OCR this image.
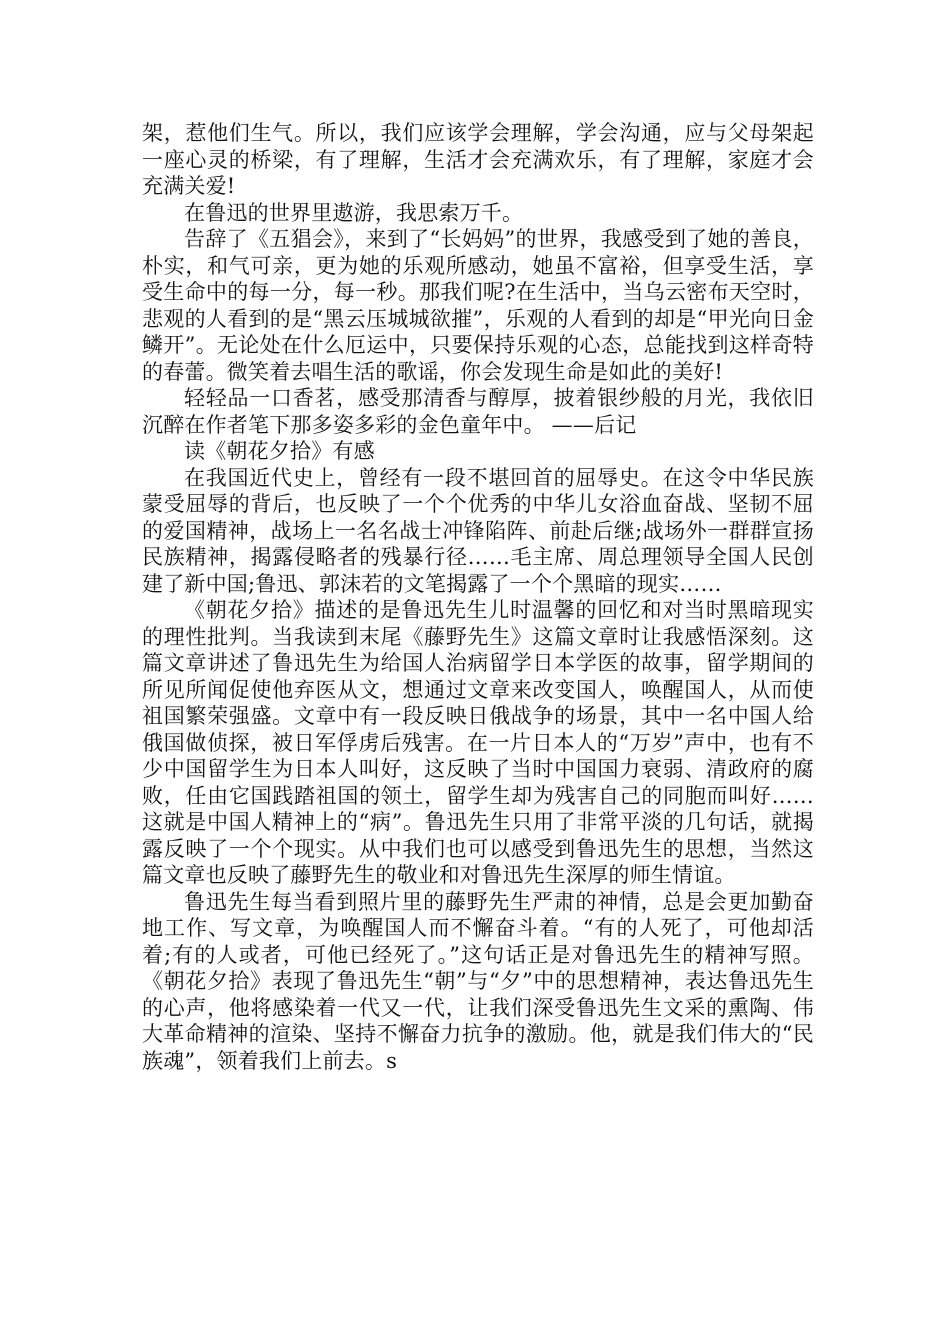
架，惹他们生气。所以，我们应该学会理解，学会沟通，应与父母架起一座心灵的桥梁，有了理解，生活才会充满欢乐，有了理解，家庭才会充满关爱!

在鲁迅的世界里遨游，我思索万千。

告辞了《五猖会》，来到了“长妈妈”的世界，我感受到了她的善良，朴实，和气可亲，更为她的乐观所感动，她虽不富裕，但享受生活，享受生命中的每一分，每一秒。那我们呢?在生活中，当乌云密布天空时，悲观的人看到的是“黑云压城城欲摧”，乐观的人看到的却是“甲光向日金鳞开”。无论处在什么厄运中，只要保持乐观的心态，总能找到这样奇特的春蕾。微笑着去唱生活的歌谣，你会发现生命是如此的美好!

轻轻品一口香茗，感受那清香与醇厚，披着银纱般的月光，我依旧沉醉在作者笔下那多姿多彩的金色童年中。 ——后记

读《朝花夕拾》有感

在我国近代史上，曾经有一段不堪回首的屈辱史。在这令中华民族蒙受屈辱的背后，也反映了一个个优秀的中华儿女浴血奋战、坚韧不屈的爱国精神，战场上一名名战士冲锋陷阵、前赴后继;战场外一群群宣扬民族精神，揭露侵略者的残暴行径……毛主席、周总理领导全国人民创建了新中国;鲁迅、郭沫若的文笔揭露了一个个黑暗的现实……

《朝花夕拾》描述的是鲁迅先生儿时温馨的回忆和对当时黑暗现实的理性批判。当我读到末尾《藤野先生》这篇文章时让我感悟深刻。这篇文章讲述了鲁迅先生为给国人治病留学日本学医的故事，留学期间的所见所闻促使他弃医从文，想通过文章来改变国人，唤醒国人，从而使祖国繁荣强盛。文章中有一段反映日俄战争的场景，其中一名中国人给俄国做侦探，被日军俘虏后残害。在一片日本人的“万岁”声中，也有不少中国留学生为日本人叫好，这反映了当时中国国力衰弱、清政府的腐败，任由它国践踏祖国的领土，留学生却为残害自己的同胞而叫好……这就是中国人精神上的“病”。鲁迅先生只用了非常平淡的几句话，就揭露反映了一个个现实。从中我们也可以感受到鲁迅先生的思想，当然这篇文章也反映了藤野先生的敬业和对鲁迅先生深厚的师生情谊。

鲁迅先生每当看到照片里的藤野先生严肃的神情，总是会更加勤奋地工作、写文章，为唤醒国人而不懈奋斗着。“有的人死了，可他却活着;有的人或者，可他已经死了。”这句话正是对鲁迅先生的精神写照。《朝花夕拾》表现了鲁迅先生“朝”与“夕”中的思想精神，表达鲁迅先生的心声，他将感染着一代又一代，让我们深受鲁迅先生文采的熏陶、伟大革命精神的渲染、坚持不懈奋力抗争的激励。他，就是我们伟大的“民族魂”，领着我们上前去。s
